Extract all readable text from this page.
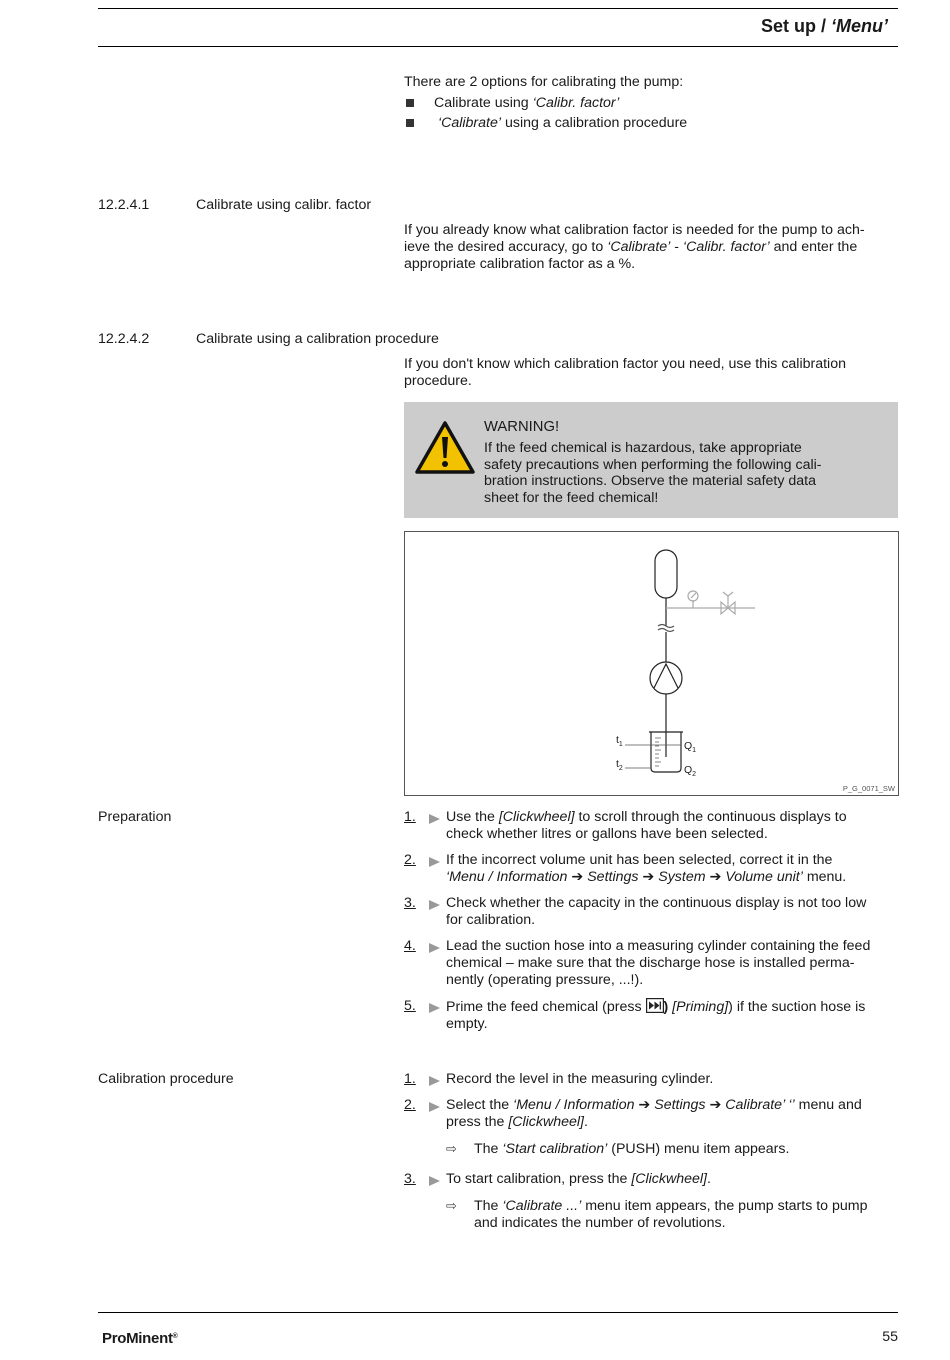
Set up / ‘Menu’
There are 2 options for calibrating the pump:
Calibrate using ‘Calibr. factor’
‘Calibrate’ using a calibration procedure
12.2.4.1	Calibrate using calibr. factor
If you already know what calibration factor is needed for the pump to ach-
ieve the desired accuracy, go to ‘Calibrate’ - ‘Calibr. factor’ and enter the
appropriate calibration factor as a %.
12.2.4.2	Calibrate using a calibration procedure
If you don't know which calibration factor you need, use this calibration
procedure.
WARNING!
If the feed chemical is hazardous, take appropriate
safety precautions when performing the following cali-
bration instructions. Observe the material safety data
sheet for the feed chemical!
$t_1$
$t_2$
$Q_1$
$Q_2$
P_G_0071_SW
Preparation	1.	Use the [Clickwheel] to scroll through the continuous displays to
check whether litres or gallons have been selected.
2.	If the incorrect volume unit has been selected, correct it in the
‘Menu / Information ➔ Settings ➔ System ➔ Volume unit’ menu.
3.	Check whether the capacity in the continuous display is not too low
for calibration.
4.	Lead the suction hose into a measuring cylinder containing the feed
chemical – make sure that the discharge hose is installed perma-
nently (operating pressure, ...!).
5.	Prime the feed chemical (press ) [Priming]) if the suction hose is
empty.
Calibration procedure	1.	Record the level in the measuring cylinder.
2.	Select the ‘Menu / Information ➔ Settings ➔ Calibrate’ ‘’ menu and
press the [Clickwheel].
⇨	The ‘Start calibration’ (PUSH) menu item appears.
3.	To start calibration, press the [Clickwheel].
⇨	The ‘Calibrate ...’ menu item appears, the pump starts to pump
and indicates the number of revolutions.
ProMinent®	55
